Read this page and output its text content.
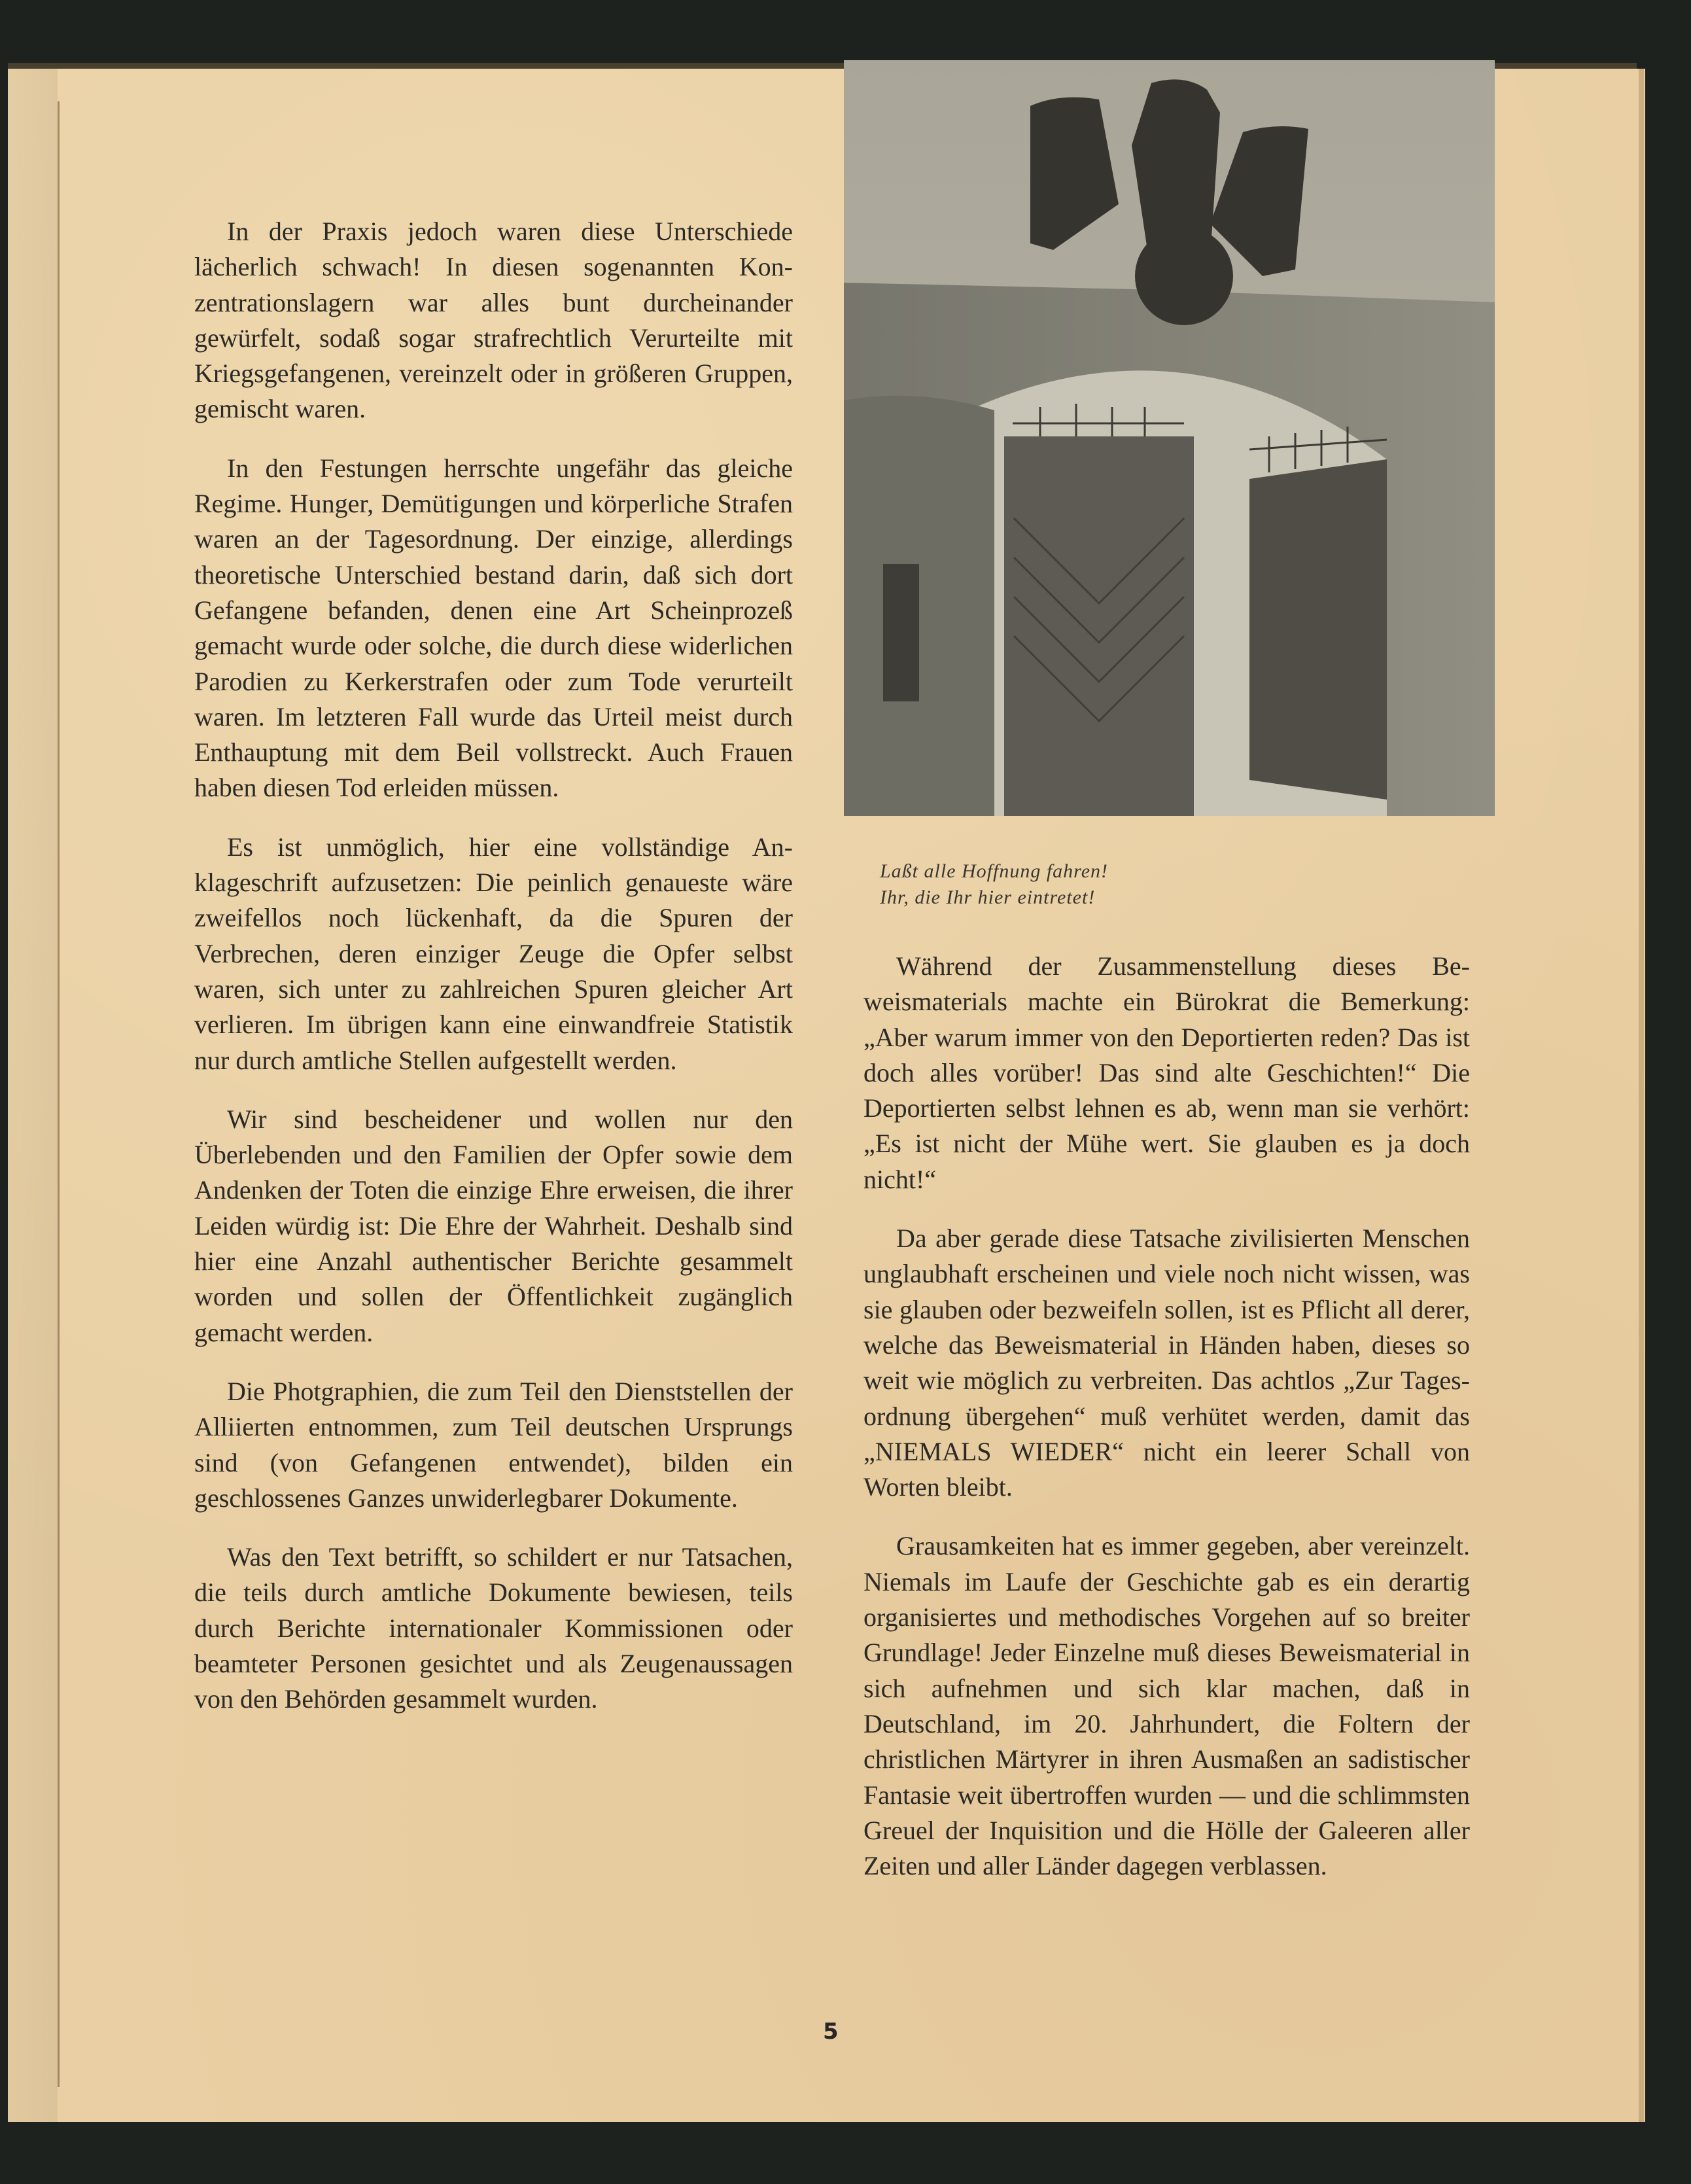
In der Praxis jedoch waren diese Unterschiede lächerlich schwach! In diesen sogenannten Konzentrationslagern war alles bunt durcheinander gewürfelt, sodaß sogar strafrechtlich Verurteilte mit Kriegsgefangenen, vereinzelt oder in größeren Gruppen, gemischt waren.

In den Festungen herrschte ungefähr das gleiche Regime. Hunger, Demütigungen und körperliche Strafen waren an der Tagesordnung. Der einzige, allerdings theoretische Unterschied bestand darin, daß sich dort Gefangene befanden, denen eine Art Scheinprozeß gemacht wurde oder solche, die durch diese widerlichen Parodien zu Kerkerstrafen oder zum Tode verurteilt waren. Im letzteren Fall wurde das Urteil meist durch Enthauptung mit dem Beil vollstreckt. Auch Frauen haben diesen Tod erleiden müssen.

Es ist unmöglich, hier eine vollständige Anklageschrift aufzusetzen: Die peinlich genaueste wäre zweifellos noch lückenhaft, da die Spuren der Verbrechen, deren einziger Zeuge die Opfer selbst waren, sich unter zu zahlreichen Spuren gleicher Art verlieren. Im übrigen kann eine einwandfreie Statistik nur durch amtliche Stellen aufgestellt werden.

Wir sind bescheidener und wollen nur den Überlebenden und den Familien der Opfer sowie dem Andenken der Toten die einzige Ehre erweisen, die ihrer Leiden würdig ist: Die Ehre der Wahrheit. Deshalb sind hier eine Anzahl authentischer Berichte gesammelt worden und sollen der Öffentlichkeit zugänglich gemacht werden.

Die Photgraphien, die zum Teil den Dienststellen der Alliierten entnommen, zum Teil deutschen Ursprungs sind (von Gefangenen entwendet), bilden ein geschlossenes Ganzes unwiderlegbarer Dokumente.

Was den Text betrifft, so schildert er nur Tatsachen, die teils durch amtliche Dokumente bewiesen, teils durch Berichte internationaler Kommissionen oder beamteter Personen gesichtet und als Zeugenaussagen von den Behörden gesammelt wurden.

Laßt alle Hoffnung fahren!
Ihr, die Ihr hier eintretet!

Während der Zusammenstellung dieses Beweismaterials machte ein Bürokrat die Bemerkung: „Aber warum immer von den Deportierten reden? Das ist doch alles vorüber! Das sind alte Geschichten!“ Die Deportierten selbst lehnen es ab, wenn man sie verhört: „Es ist nicht der Mühe wert. Sie glauben es ja doch nicht!“

Da aber gerade diese Tatsache zivilisierten Menschen unglaubhaft erscheinen und viele noch nicht wissen, was sie glauben oder bezweifeln sollen, ist es Pflicht all derer, welche das Beweismaterial in Händen haben, dieses so weit wie möglich zu verbreiten. Das achtlos „Zur Tagesordnung übergehen“ muß verhütet werden, damit das „NIEMALS WIEDER“ nicht ein leerer Schall von Worten bleibt.

Grausamkeiten hat es immer gegeben, aber vereinzelt. Niemals im Laufe der Geschichte gab es ein derartig organisiertes und methodisches Vorgehen auf so breiter Grundlage! Jeder Einzelne muß dieses Beweismaterial in sich aufnehmen und sich klar machen, daß in Deutschland, im 20. Jahrhundert, die Foltern der christlichen Märtyrer in ihren Ausmaßen an sadistischer Fantasie weit übertroffen wurden — und die schlimmsten Greuel der Inquisition und die Hölle der Galeeren aller Zeiten und aller Länder dagegen verblassen.

5
